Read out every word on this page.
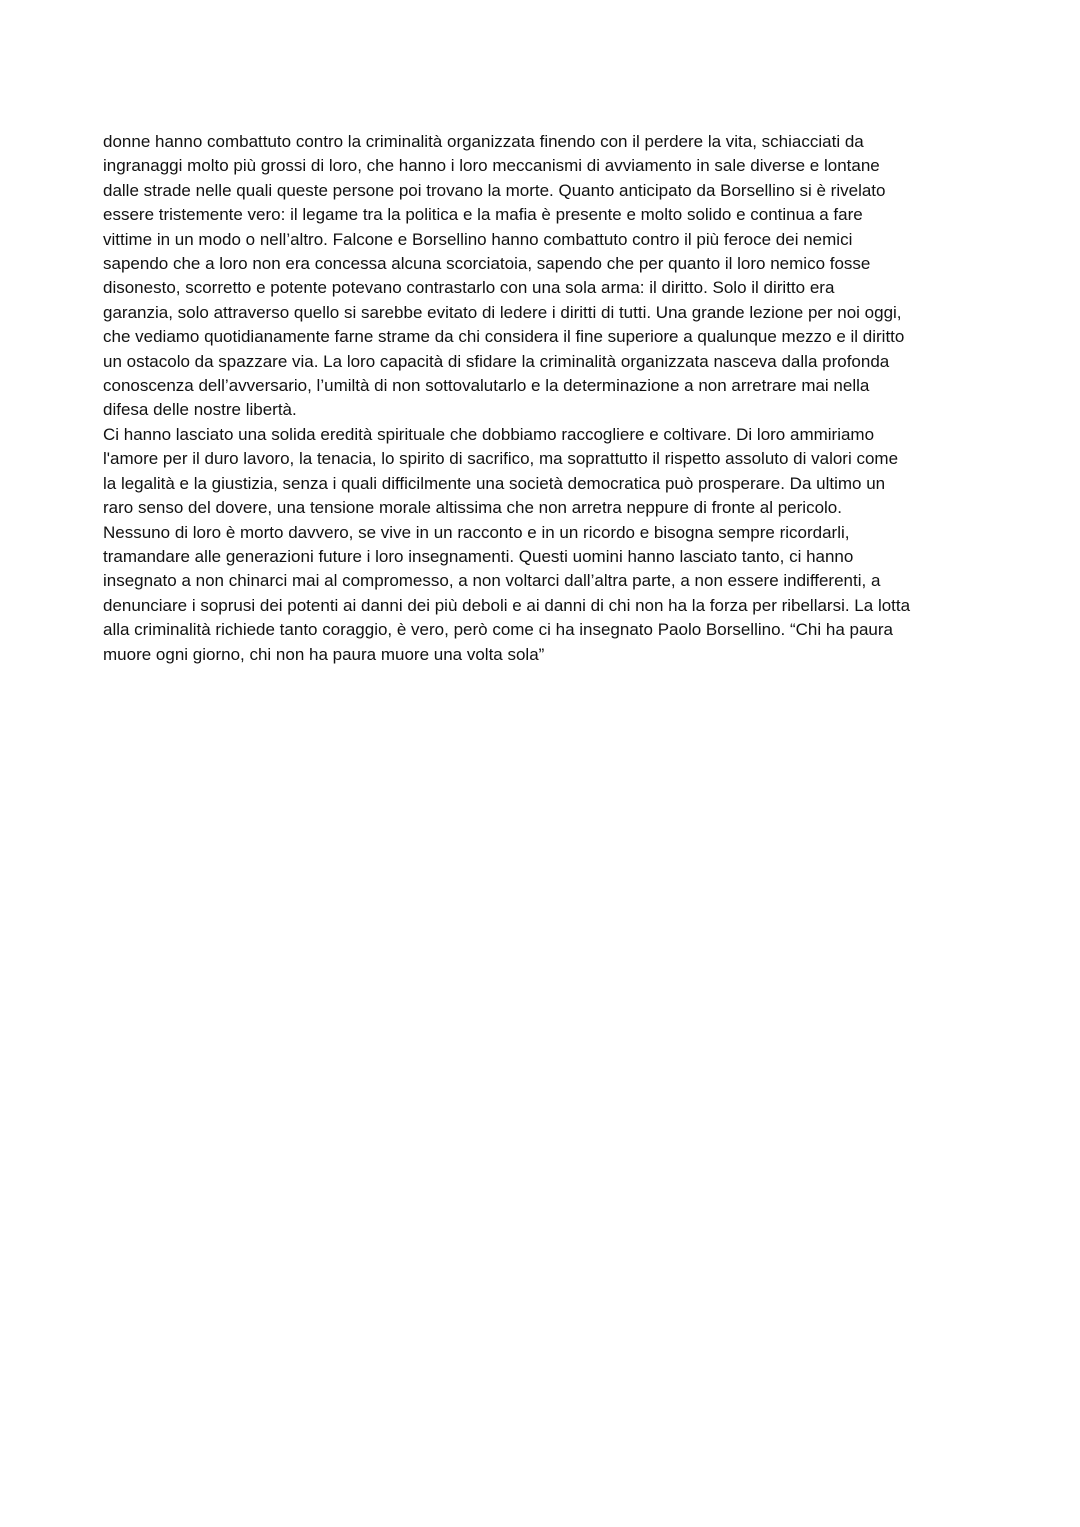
donne hanno combattuto contro la criminalità organizzata finendo con il perdere la vita, schiacciati da
ingranaggi molto più grossi di loro, che hanno i loro meccanismi di avviamento in sale diverse e lontane
dalle strade nelle quali queste persone poi trovano la morte. Quanto anticipato da Borsellino si è rivelato
essere tristemente vero: il legame tra la politica e la mafia è presente e molto solido e continua a fare
vittime in un modo o nell’altro. Falcone e Borsellino hanno combattuto contro il più feroce dei nemici
sapendo che a loro non era concessa alcuna scorciatoia, sapendo che per quanto il loro nemico fosse
disonesto, scorretto e potente potevano contrastarlo con una sola arma: il diritto. Solo il diritto era
garanzia, solo attraverso quello si sarebbe evitato di ledere i diritti di tutti. Una grande lezione per noi oggi,
che vediamo quotidianamente farne strame da chi considera il fine superiore a qualunque mezzo e il diritto
un ostacolo da spazzare via. La loro capacità di sfidare la criminalità organizzata nasceva dalla profonda
conoscenza dell’avversario, l’umiltà di non sottovalutarlo e la determinazione a non arretrare mai nella
difesa delle nostre libertà.
Ci hanno lasciato una solida eredità spirituale che dobbiamo raccogliere e coltivare. Di loro ammiriamo
l'amore per il duro lavoro, la tenacia, lo spirito di sacrifico, ma soprattutto il rispetto assoluto di valori come
la legalità e la giustizia, senza i quali difficilmente una società democratica può prosperare. Da ultimo un
raro senso del dovere, una tensione morale altissima che non arretra neppure di fronte al pericolo.
Nessuno di loro è morto davvero, se vive in un racconto e in un ricordo e bisogna sempre ricordarli,
tramandare alle generazioni future i loro insegnamenti. Questi uomini hanno lasciato tanto, ci hanno
insegnato a non chinarci mai al compromesso, a non voltarci dall’altra parte, a non essere indifferenti, a
denunciare i soprusi dei potenti ai danni dei più deboli e ai danni di chi non ha la forza per ribellarsi. La lotta
alla criminalità richiede tanto coraggio, è vero, però come ci ha insegnato Paolo Borsellino. “Chi ha paura
muore ogni giorno, chi non ha paura muore una volta sola”
